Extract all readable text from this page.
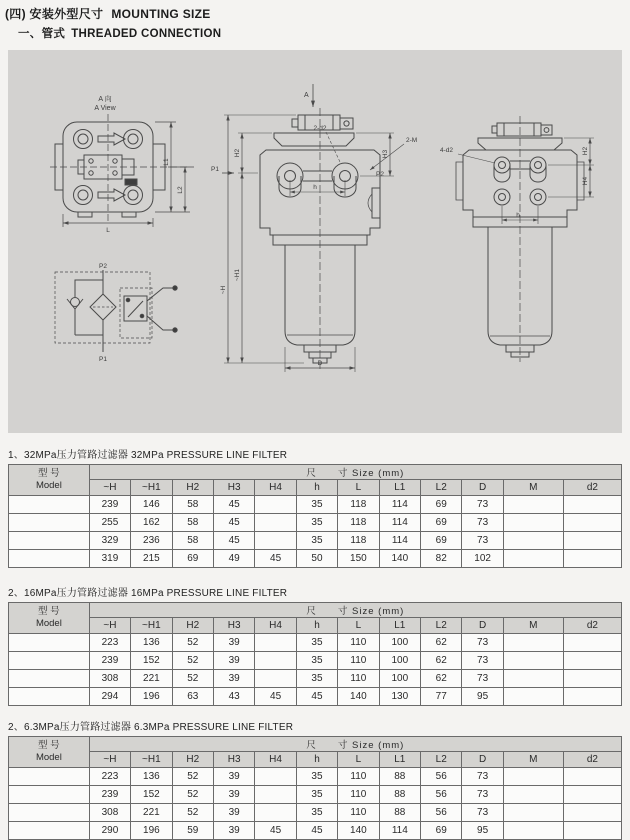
(四) 安装外型尺寸 MOUNTING SIZE
一、管式 THREADED CONNECTION
A 向
A View
L1
L2
L
P2
P1
A
2-d2
2-M
P2
P1
h
~H
H2
~H1
H3
D
4-d2	H2
H4
h
1、32MPa压力管路过滤器 32MPa PRESSURE LINE FILTER
型 号
Model	尺　　寸 Size (mm)											
	~H	~H1	H2	H3	H4	h	L	L1	L2	D	M	d2
	239	146	58	45		35	118	114	69	73		
	255	162	58	45		35	118	114	69	73		
	329	236	58	45		35	118	114	69	73		
	319	215	69	49	45	50	150	140	82	102		
2、16MPa压力管路过滤器 16MPa PRESSURE LINE FILTER
型 号
Model	尺　　寸 Size (mm)											
	~H	~H1	H2	H3	H4	h	L	L1	L2	D	M	d2
	223	136	52	39		35	110	100	62	73		
	239	152	52	39		35	110	100	62	73		
	308	221	52	39		35	110	100	62	73		
	294	196	63	43	45	45	140	130	77	95		
2、6.3MPa压力管路过滤器 6.3MPa PRESSURE LINE FILTER
型 号
Model	尺　　寸 Size (mm)											
	~H	~H1	H2	H3	H4	h	L	L1	L2	D	M	d2
	223	136	52	39		35	110	88	56	73		
	239	152	52	39		35	110	88	56	73		
	308	221	52	39		35	110	88	56	73		
	290	196	59	39	45	45	140	114	69	95		
